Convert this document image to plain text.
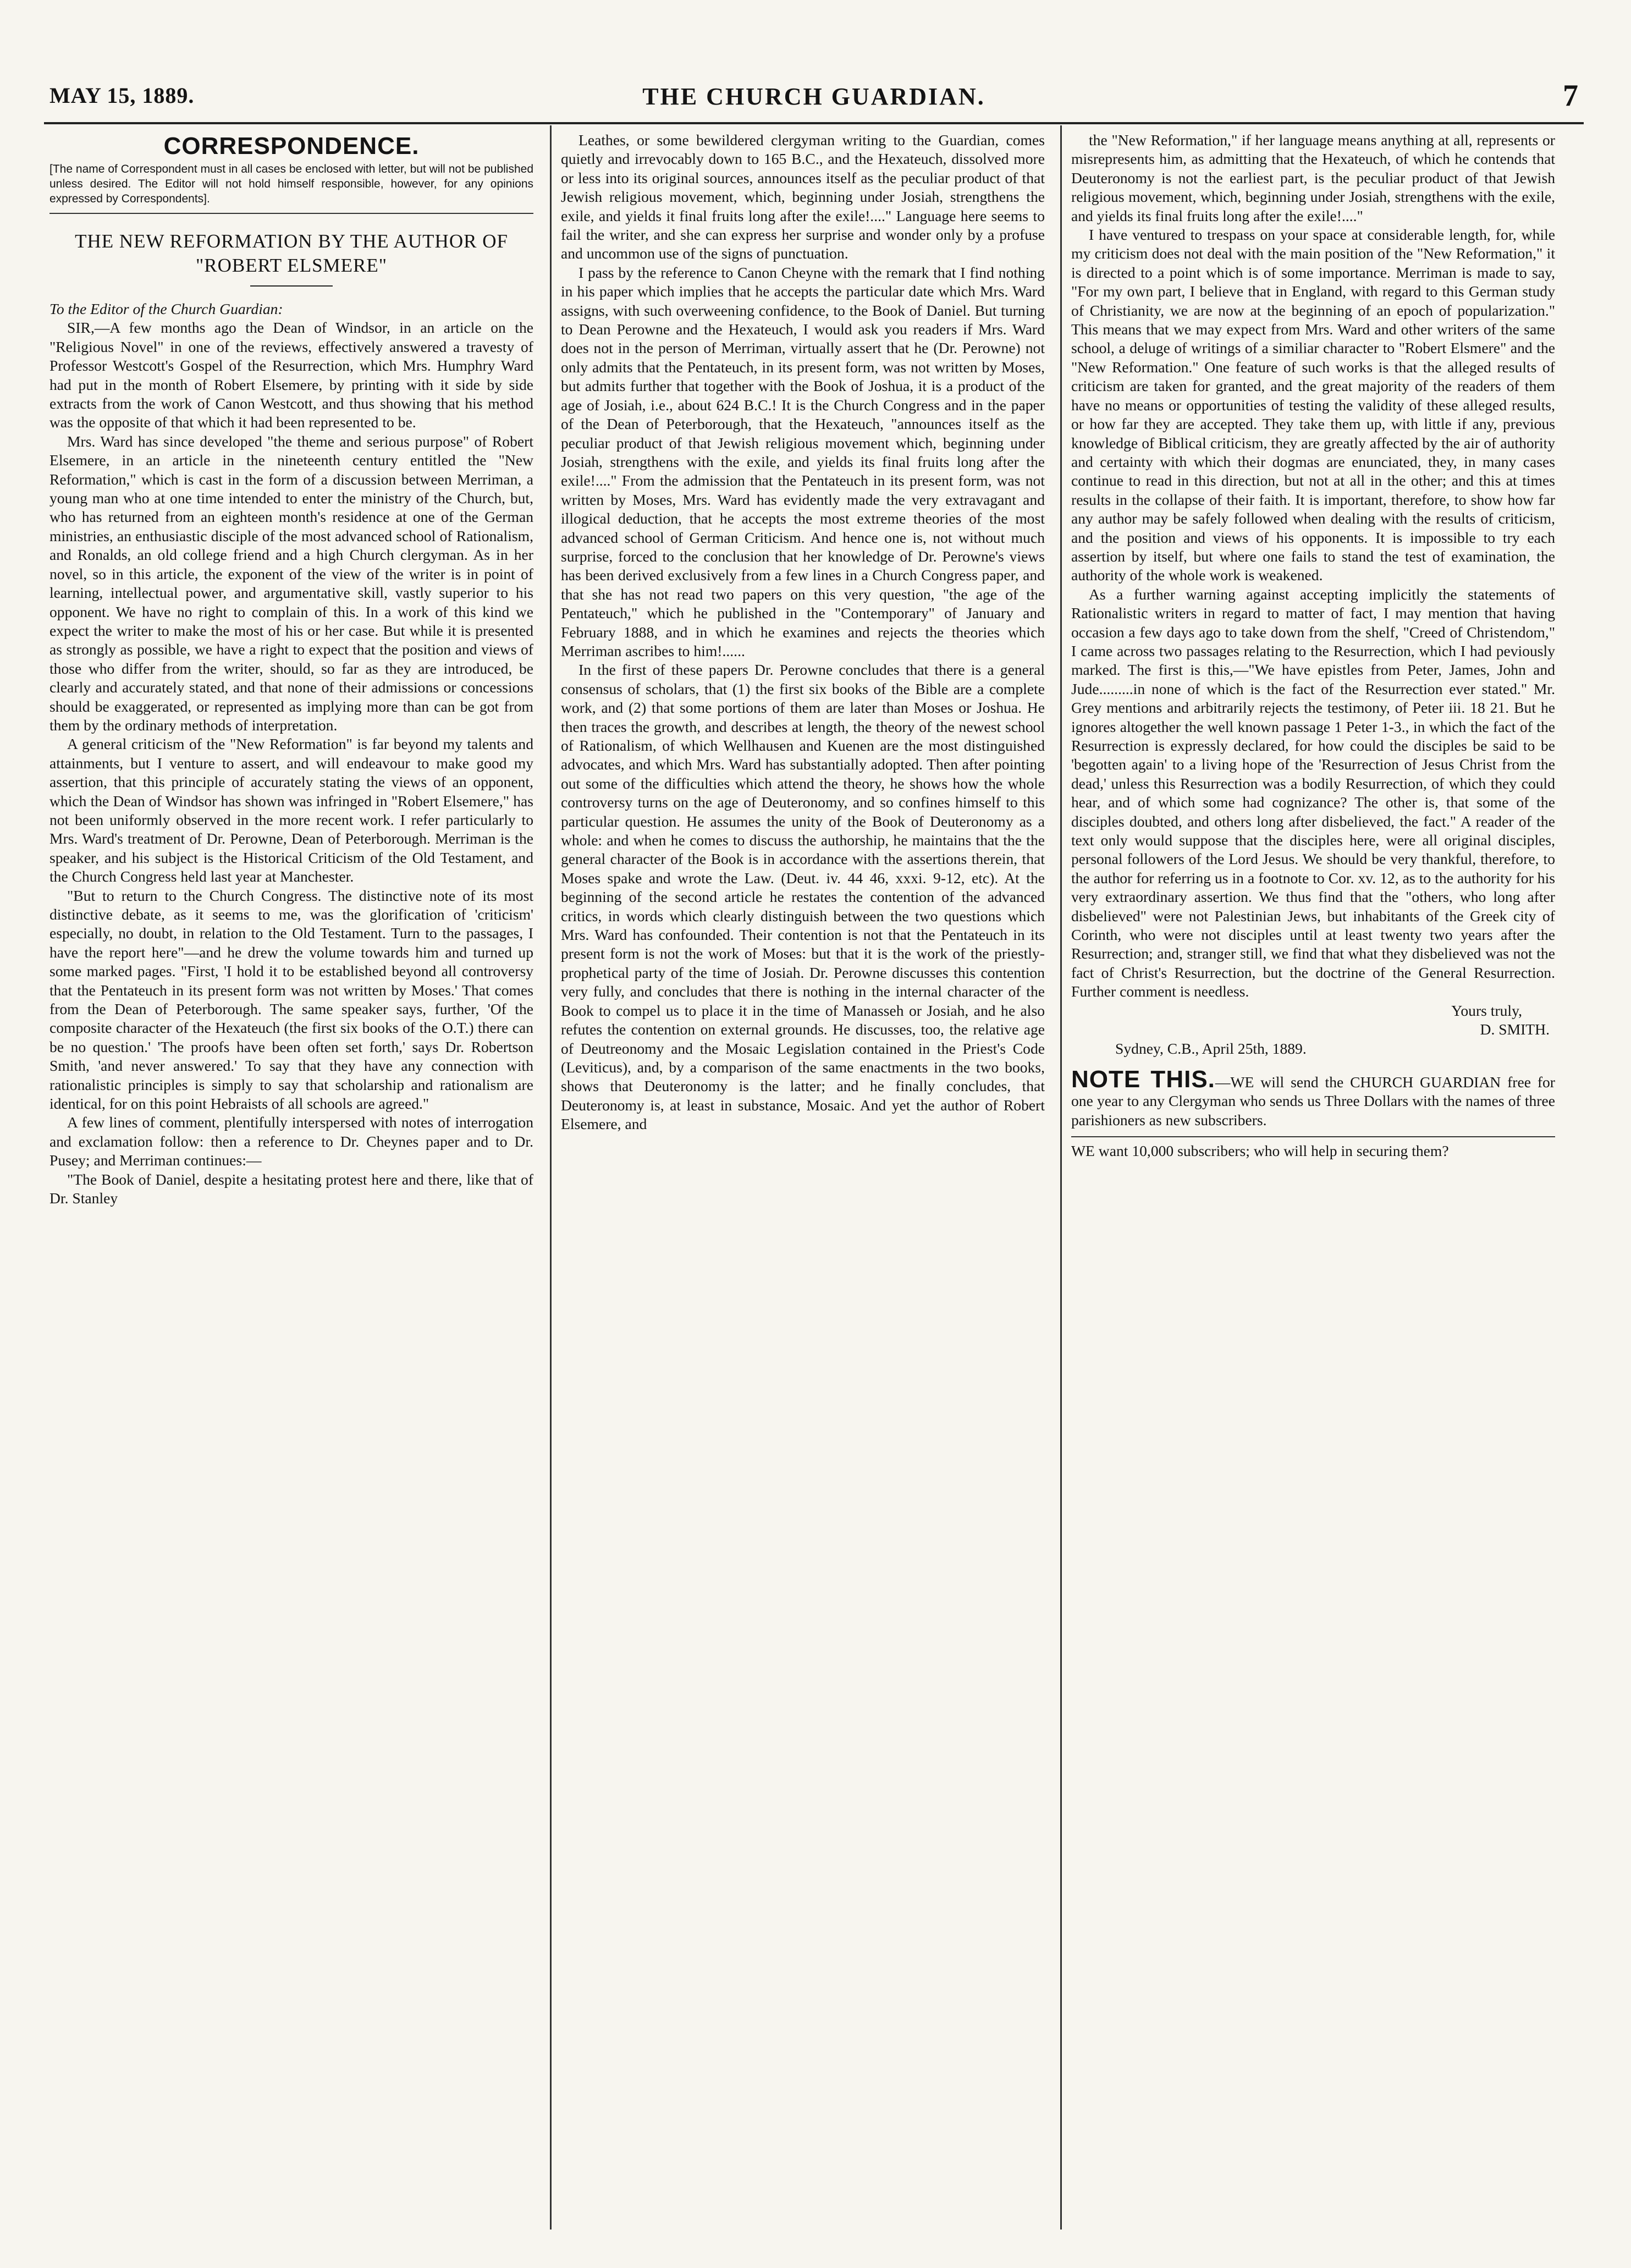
MAY 15, 1889.	THE CHURCH GUARDIAN.	7
CORRESPONDENCE.
[The name of Correspondent must in all cases be enclosed with letter, but will not be published unless desired. The Editor will not hold himself responsible, however, for any opinions expressed by Correspondents].
THE NEW REFORMATION BY THE AUTHOR OF "ROBERT ELSMERE"

To the Editor of the Church Guardian:

SIR,—A few months ago the Dean of Windsor, in an article on the "Religious Novel" in one of the reviews, effectively answered a travesty of Professor Westcott's Gospel of the Resurrection, which Mrs. Humphry Ward had put in the month of Robert Elsemere, by printing with it side by side extracts from the work of Canon Westcott, and thus showing that his method was the opposite of that which it had been represented to be.

Mrs. Ward has since developed "the theme and serious purpose" of Robert Elsemere, in an article in the nineteenth century entitled the "New Reformation," which is cast in the form of a discussion between Merriman, a young man who at one time intended to enter the ministry of the Church, but, who has returned from an eighteen month's residence at one of the German ministries, an enthusiastic disciple of the most advanced school of Rationalism, and Ronalds, an old college friend and a high Church clergyman. As in her novel, so in this article, the exponent of the view of the writer is in point of learning, intellectual power, and argumentative skill, vastly superior to his opponent. We have no right to complain of this. In a work of this kind we expect the writer to make the most of his or her case. But while it is presented as strongly as possible, we have a right to expect that the position and views of those who differ from the writer, should, so far as they are introduced, be clearly and accurately stated, and that none of their admissions or concessions should be exaggerated, or represented as implying more than can be got from them by the ordinary methods of interpretation.

A general criticism of the "New Reformation" is far beyond my talents and attainments, but I venture to assert, and will endeavour to make good my assertion, that this principle of accurately stating the views of an opponent, which the Dean of Windsor has shown was infringed in "Robert Elsemere," has not been uniformly observed in the more recent work. I refer particularly to Mrs. Ward's treatment of Dr. Perowne, Dean of Peterborough. Merriman is the speaker, and his subject is the Historical Criticism of the Old Testament, and the Church Congress held last year at Manchester.

"But to return to the Church Congress. The distinctive note of its most distinctive debate, as it seems to me, was the glorification of 'criticism' especially, no doubt, in relation to the Old Testament. Turn to the passages, I have the report here"—and he drew the volume towards him and turned up some marked pages. "First, 'I hold it to be established beyond all controversy that the Pentateuch in its present form was not written by Moses.' That comes from the Dean of Peterborough. The same speaker says, further, 'Of the composite character of the Hexateuch (the first six books of the O.T.) there can be no question.' 'The proofs have been often set forth,' says Dr. Robertson Smith, 'and never answered.' To say that they have any connection with rationalistic principles is simply to say that scholarship and rationalism are identical, for on this point Hebraists of all schools are agreed."

A few lines of comment, plentifully interspersed with notes of interrogation and exclamation follow: then a reference to Dr. Cheynes paper and to Dr. Pusey; and Merriman continues:—

"The Book of Daniel, despite a hesitating protest here and there, like that of Dr. Stanley

Leathes, or some bewildered clergyman writing to the Guardian, comes quietly and irrevocably down to 165 B.C., and the Hexateuch, dissolved more or less into its original sources, announces itself as the peculiar product of that Jewish religious movement, which, beginning under Josiah, strengthens the exile, and yields it final fruits long after the exile!...." Language here seems to fail the writer, and she can express her surprise and wonder only by a profuse and uncommon use of the signs of punctuation.

I pass by the reference to Canon Cheyne with the remark that I find nothing in his paper which implies that he accepts the particular date which Mrs. Ward assigns, with such overweening confidence, to the Book of Daniel. But turning to Dean Perowne and the Hexateuch, I would ask you readers if Mrs. Ward does not in the person of Merriman, virtually assert that he (Dr. Perowne) not only admits that the Pentateuch, in its present form, was not written by Moses, but admits further that together with the Book of Joshua, it is a product of the age of Josiah, i.e., about 624 B.C.! It is the Church Congress and in the paper of the Dean of Peterborough, that the Hexateuch, "announces itself as the peculiar product of that Jewish religious movement which, beginning under Josiah, strengthens with the exile, and yields its final fruits long after the exile!...." From the admission that the Pentateuch in its present form, was not written by Moses, Mrs. Ward has evidently made the very extravagant and illogical deduction, that he accepts the most extreme theories of the most advanced school of German Criticism. And hence one is, not without much surprise, forced to the conclusion that her knowledge of Dr. Perowne's views has been derived exclusively from a few lines in a Church Congress paper, and that she has not read two papers on this very question, "the age of the Pentateuch," which he published in the "Contemporary" of January and February 1888, and in which he examines and rejects the theories which Merriman ascribes to him!......

In the first of these papers Dr. Perowne concludes that there is a general consensus of scholars, that (1) the first six books of the Bible are a complete work, and (2) that some portions of them are later than Moses or Joshua. He then traces the growth, and describes at length, the theory of the newest school of Rationalism, of which Wellhausen and Kuenen are the most distinguished advocates, and which Mrs. Ward has substantially adopted. Then after pointing out some of the difficulties which attend the theory, he shows how the whole controversy turns on the age of Deuteronomy, and so confines himself to this particular question. He assumes the unity of the Book of Deuteronomy as a whole: and when he comes to discuss the authorship, he maintains that the the general character of the Book is in accordance with the assertions therein, that Moses spake and wrote the Law. (Deut. iv. 44 46, xxxi. 9-12, etc). At the beginning of the second article he restates the contention of the advanced critics, in words which clearly distinguish between the two questions which Mrs. Ward has confounded. Their contention is not that the Pentateuch in its present form is not the work of Moses: but that it is the work of the priestly-prophetical party of the time of Josiah. Dr. Perowne discusses this contention very fully, and concludes that there is nothing in the internal character of the Book to compel us to place it in the time of Manasseh or Josiah, and he also refutes the contention on external grounds. He discusses, too, the relative age of Deutreonomy and the Mosaic Legislation contained in the Priest's Code (Leviticus), and, by a comparison of the same enactments in the two books, shows that Deuteronomy is the latter; and he finally concludes, that Deuteronomy is, at least in substance, Mosaic. And yet the author of Robert Elsemere, and

the "New Reformation," if her language means anything at all, represents or misrepresents him, as admitting that the Hexateuch, of which he contends that Deuteronomy is not the earliest part, is the peculiar product of that Jewish religious movement, which, beginning under Josiah, strengthens with the exile, and yields its final fruits long after the exile!...."

I have ventured to trespass on your space at considerable length, for, while my criticism does not deal with the main position of the "New Reformation," it is directed to a point which is of some importance. Merriman is made to say, "For my own part, I believe that in England, with regard to this German study of Christianity, we are now at the beginning of an epoch of popularization." This means that we may expect from Mrs. Ward and other writers of the same school, a deluge of writings of a similiar character to "Robert Elsmere" and the "New Reformation." One feature of such works is that the alleged results of criticism are taken for granted, and the great majority of the readers of them have no means or opportunities of testing the validity of these alleged results, or how far they are accepted. They take them up, with little if any, previous knowledge of Biblical criticism, they are greatly affected by the air of authority and certainty with which their dogmas are enunciated, they, in many cases continue to read in this direction, but not at all in the other; and this at times results in the collapse of their faith. It is important, therefore, to show how far any author may be safely followed when dealing with the results of criticism, and the position and views of his opponents. It is impossible to try each assertion by itself, but where one fails to stand the test of examination, the authority of the whole work is weakened.

As a further warning against accepting implicitly the statements of Rationalistic writers in regard to matter of fact, I may mention that having occasion a few days ago to take down from the shelf, "Creed of Christendom," I came across two passages relating to the Resurrection, which I had peviously marked. The first is this,—"We have epistles from Peter, James, John and Jude.........in none of which is the fact of the Resurrection ever stated." Mr. Grey mentions and arbitrarily rejects the testimony, of Peter iii. 18 21. But he ignores altogether the well known passage 1 Peter 1-3., in which the fact of the Resurrection is expressly declared, for how could the disciples be said to be 'begotten again' to a living hope of the 'Resurrection of Jesus Christ from the dead,' unless this Resurrection was a bodily Resurrection, of which they could hear, and of which some had cognizance? The other is, that some of the disciples doubted, and others long after disbelieved, the fact." A reader of the text only would suppose that the disciples here, were all original disciples, personal followers of the Lord Jesus. We should be very thankful, therefore, to the author for referring us in a footnote to Cor. xv. 12, as to the authority for his very extraordinary assertion. We thus find that the "others, who long after disbelieved" were not Palestinian Jews, but inhabitants of the Greek city of Corinth, who were not disciples until at least twenty two years after the Resurrection; and, stranger still, we find that what they disbelieved was not the fact of Christ's Resurrection, but the doctrine of the General Resurrection. Further comment is needless.

Yours truly,

D. SMITH.

Sydney, C.B., April 25th, 1889.

NOTE THIS.—WE will send the CHURCH GUARDIAN free for one year to any Clergyman who sends us Three Dollars with the names of three parishioners as new subscribers.

WE want 10,000 subscribers; who will help in securing them?
